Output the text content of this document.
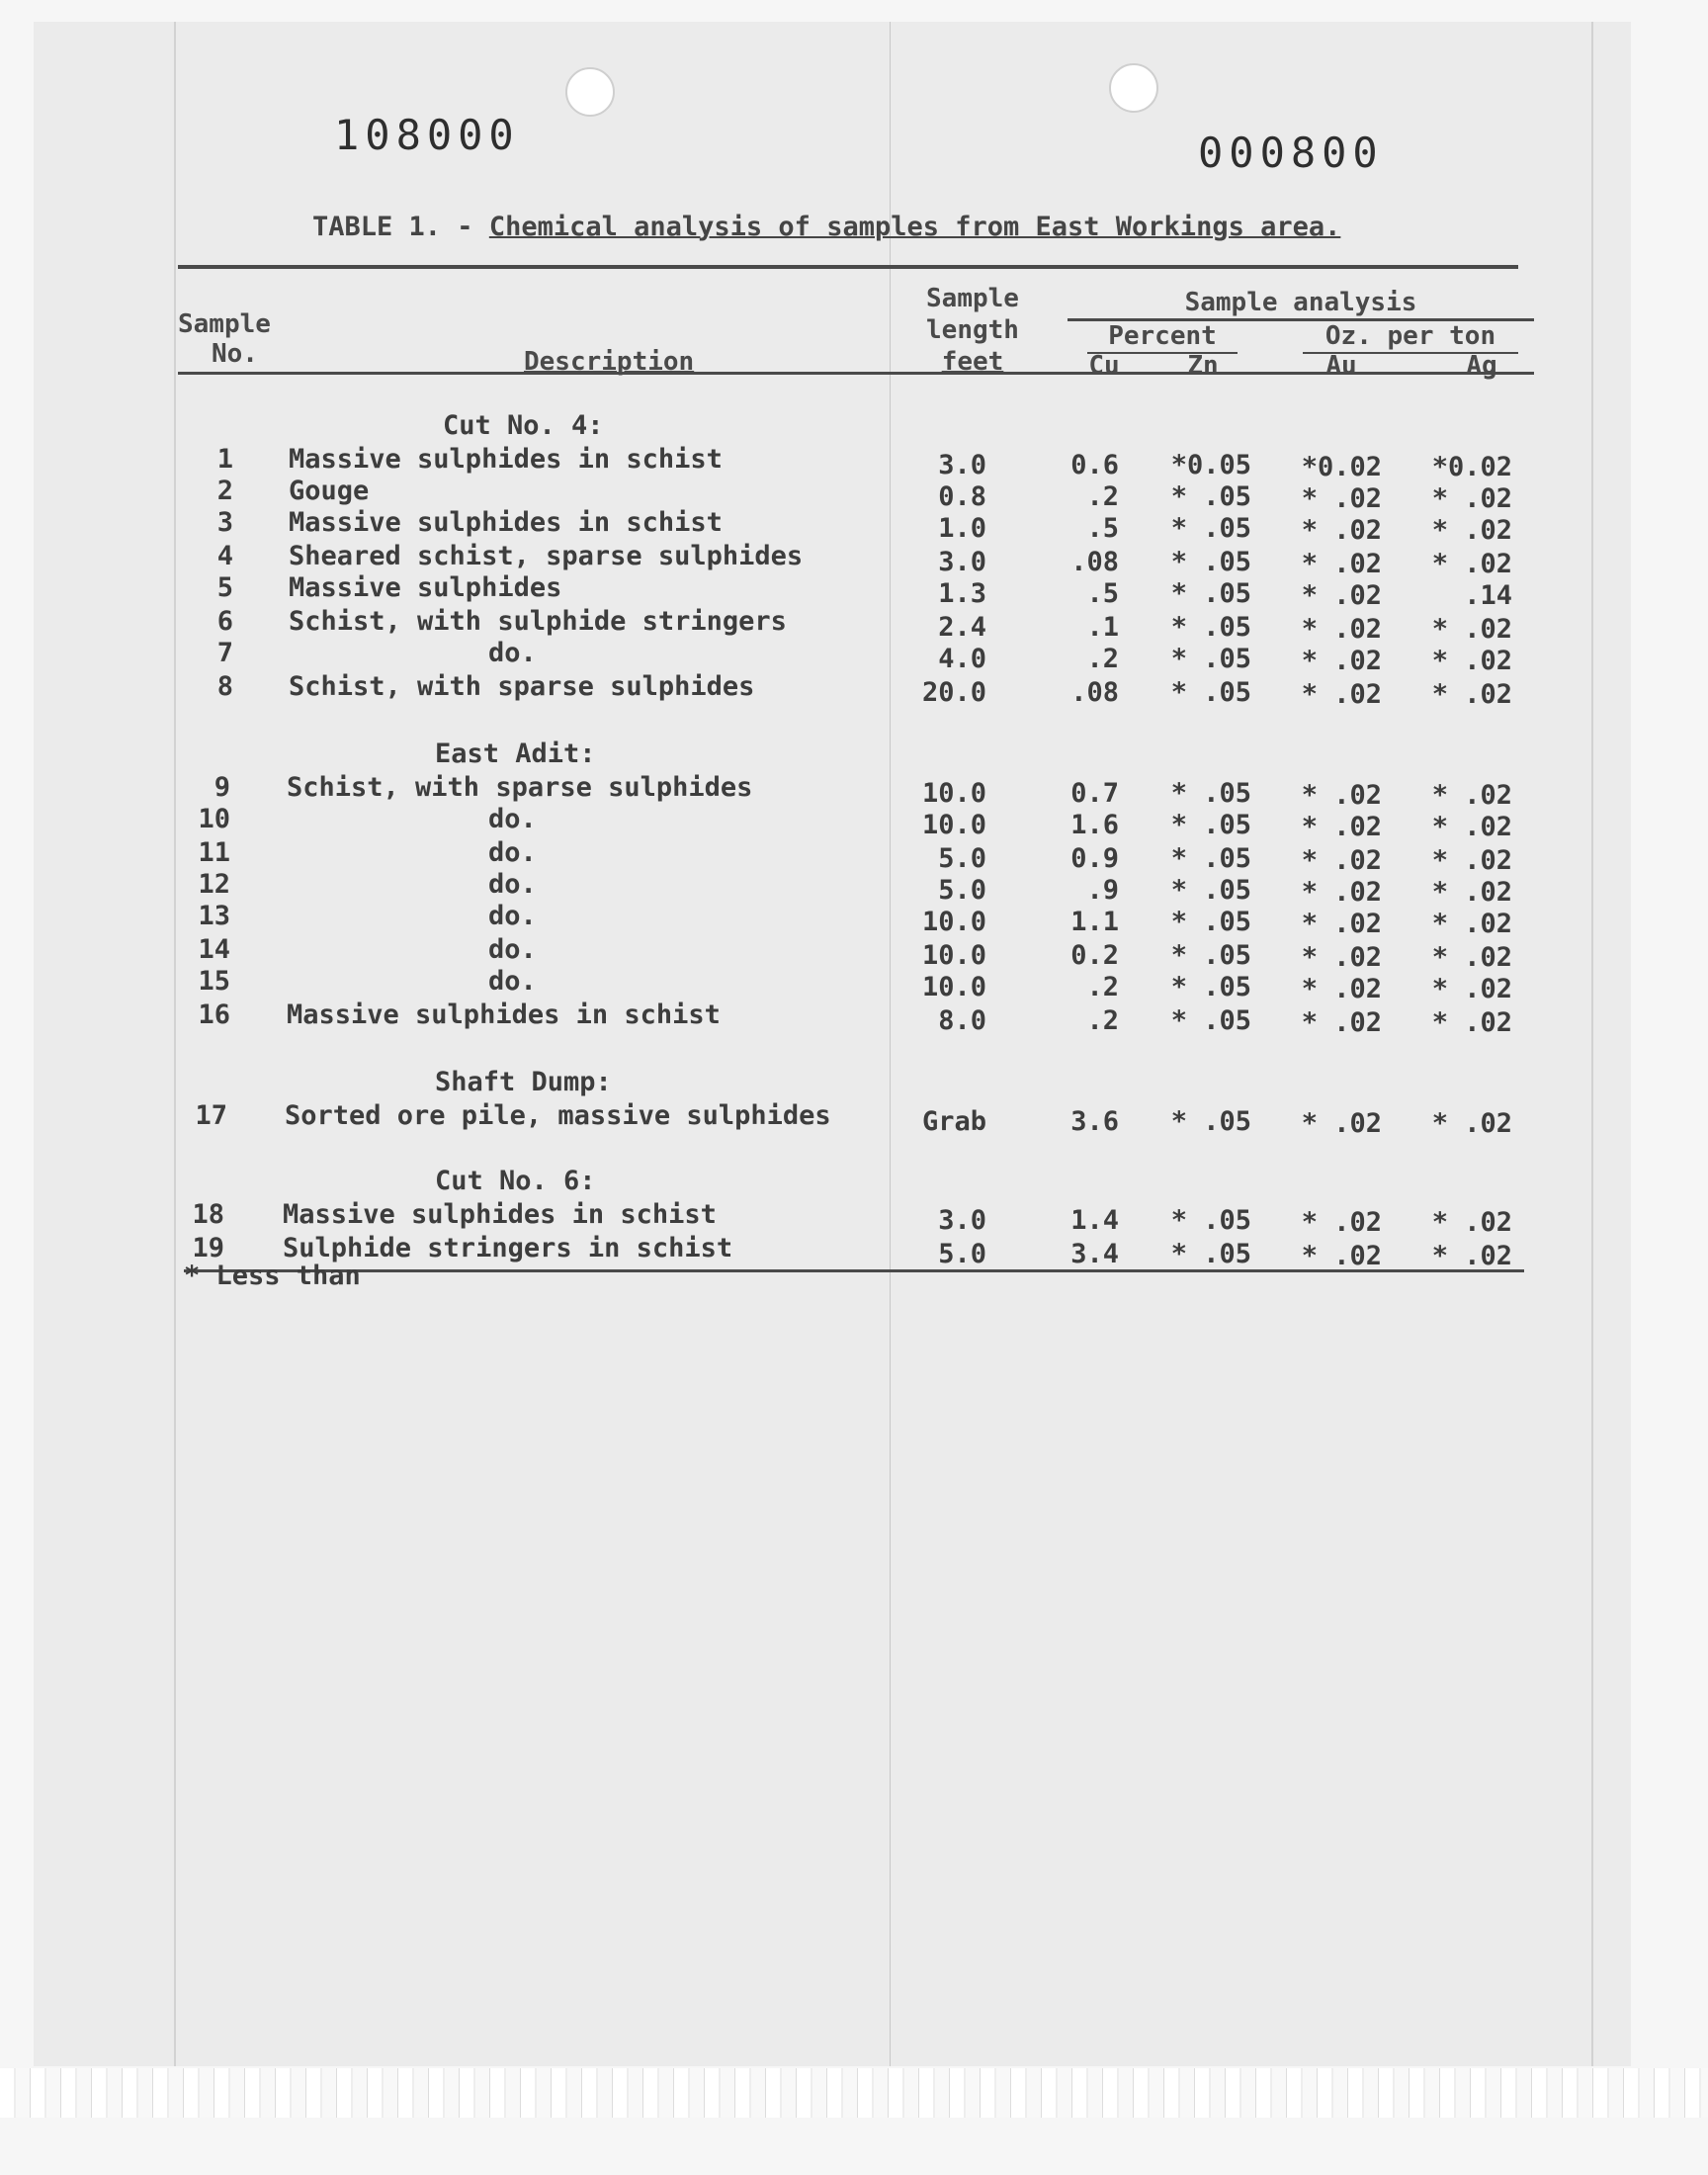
108000	000800
TABLE 1. - Chemical analysis of samples from East Workings area.
Sample
No.	Description
Sample
length
feet
Sample analysis
Percent	Oz. per ton
Cu	Zn	Au	Ag
Cut No. 4:
1 Massive sulphides in schist	3.0	0.6	*0.05	*0.02	*0.02
2 Gouge	0.8	.2	* .05	* .02	* .02
3 Massive sulphides in schist	1.0	.5	* .05	* .02	* .02
4 Sheared schist, sparse sulphides	3.0	.08	* .05	* .02	* .02
5 Massive sulphides	1.3	.5	* .05	* .02	.14
6 Schist, with sulphide stringers	2.4	.1	* .05	* .02	* .02
7	do.	4.0	.2	* .05	* .02	* .02
8 Schist, with sparse sulphides	20.0	.08	* .05	* .02	* .02
East Adit:
9 Schist, with sparse sulphides	10.0	0.7	* .05	* .02	* .02
10	do.	10.0	1.6	* .05	* .02	* .02
11	do.	5.0	0.9	* .05	* .02	* .02
12	do.	5.0	.9	* .05	* .02	* .02
13	do.	10.0	1.1	* .05	* .02	* .02
14	do.	10.0	0.2	* .05	* .02	* .02
15	do.	10.0	.2	* .05	* .02	* .02
16 Massive sulphides in schist	8.0	.2	* .05	* .02	* .02
Shaft Dump:
17 Sorted ore pile, massive sulphides	Grab	3.6	* .05	* .02	* .02
Cut No. 6:
18 Massive sulphides in schist	3.0	1.4	* .05	* .02	* .02
19 Sulphide stringers in schist	5.0	3.4	* .05	* .02	* .02
* Less than
